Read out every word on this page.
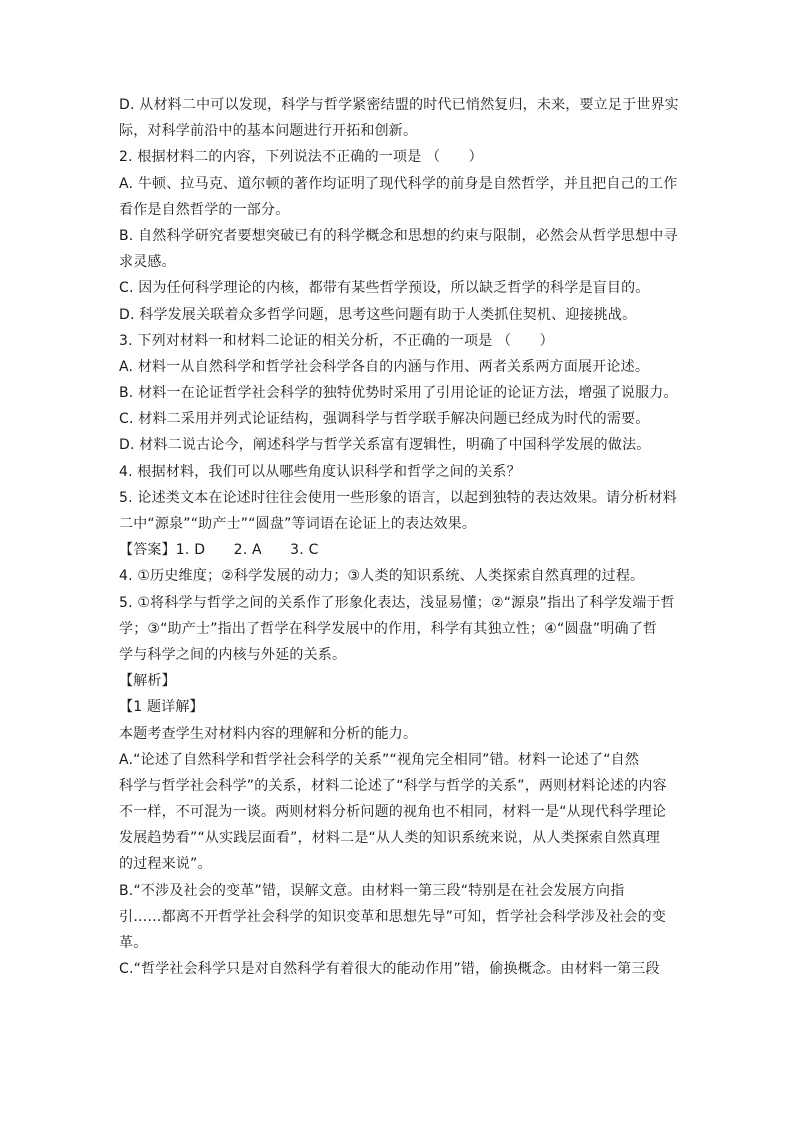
D. 从材料二中可以发现，科学与哲学紧密结盟的时代已悄然复归，未来，要立足于世界实
际，对科学前沿中的基本问题进行开拓和创新。
2. 根据材料二的内容，下列说法不正确的一项是 （　　）
A. 牛顿、拉马克、道尔顿的著作均证明了现代科学的前身是自然哲学，并且把自己的工作
看作是自然哲学的一部分。
B. 自然科学研究者要想突破已有的科学概念和思想的约束与限制，必然会从哲学思想中寻
求灵感。
C. 因为任何科学理论的内核，都带有某些哲学预设，所以缺乏哲学的科学是盲目的。
D. 科学发展关联着众多哲学问题，思考这些问题有助于人类抓住契机、迎接挑战。
3. 下列对材料一和材料二论证的相关分析，不正确的一项是 （　　）
A. 材料一从自然科学和哲学社会科学各自的内涵与作用、两者关系两方面展开论述。
B. 材料一在论证哲学社会科学的独特优势时采用了引用论证的论证方法，增强了说服力。
C. 材料二采用并列式论证结构，强调科学与哲学联手解决问题已经成为时代的需要。
D. 材料二说古论今，阐述科学与哲学关系富有逻辑性，明确了中国科学发展的做法。
4. 根据材料，我们可以从哪些角度认识科学和哲学之间的关系？
5. 论述类文本在论述时往往会使用一些形象的语言，以起到独特的表达效果。请分析材料
二中“源泉”“助产士”“圆盘”等词语在论证上的表达效果。
【答案】1. D　　2. A　　3. C
4. ①历史维度；②科学发展的动力；③人类的知识系统、人类探索自然真理的过程。
5. ①将科学与哲学之间的关系作了形象化表达，浅显易懂；②“源泉”指出了科学发端于哲
学；③“助产士”指出了哲学在科学发展中的作用，科学有其独立性；④“圆盘”明确了哲
学与科学之间的内核与外延的关系。
【解析】
【1 题详解】
本题考查学生对材料内容的理解和分析的能力。
A.“论述了自然科学和哲学社会科学的关系”“视角完全相同”错。材料一论述了“自然
科学与哲学社会科学”的关系，材料二论述了“科学与哲学的关系”，两则材料论述的内容
不一样，不可混为一谈。两则材料分析问题的视角也不相同，材料一是“从现代科学理论
发展趋势看”“从实践层面看”，材料二是“从人类的知识系统来说，从人类探索自然真理
的过程来说”。
B.“不涉及社会的变革”错，误解文意。由材料一第三段“特别是在社会发展方向指
引……都离不开哲学社会科学的知识变革和思想先导”可知，哲学社会科学涉及社会的变
革。
C.“哲学社会科学只是对自然科学有着很大的能动作用”错，偷换概念。由材料一第三段
